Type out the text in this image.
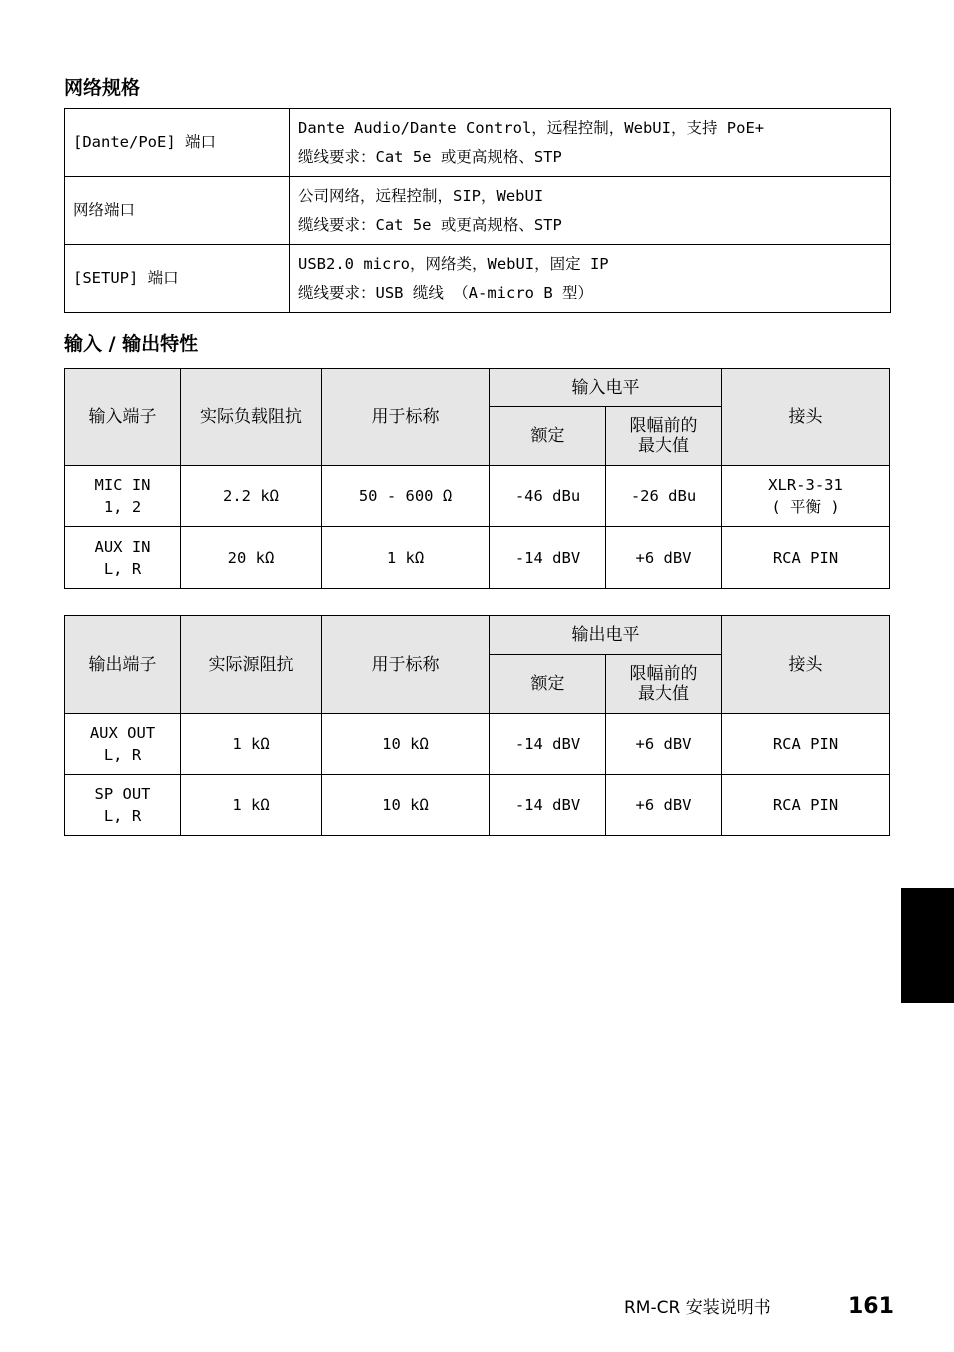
网络规格
[Dante/PoE] 端口	Dante Audio/Dante Control，远程控制，WebUI，支持 PoE+
缆线要求：Cat 5e 或更高规格、STP

网络端口	公司网络，远程控制，SIP，WebUI
缆线要求：Cat 5e 或更高规格、STP

[SETUP] 端口	USB2.0 micro，网络类，WebUI，固定 IP
缆线要求：USB 缆线 （A-micro B 型）
输入 / 输出特性
输入端子	实际负载阻抗	用于标称	输入电平		接头
			额定	限幅前的
最大值	

MIC IN
1, 2	2.2 kΩ	50 - 600 Ω	-46 dBu	-26 dBu	XLR-3-31
( 平衡 )

AUX IN
L, R	20 kΩ	1 kΩ	-14 dBV	+6 dBV	RCA PIN
输出端子	实际源阻抗	用于标称	输出电平		接头
			额定	限幅前的
最大值	

AUX OUT
L, R	1 kΩ	10 kΩ	-14 dBV	+6 dBV	RCA PIN

SP OUT
L, R	1 kΩ	10 kΩ	-14 dBV	+6 dBV	RCA PIN
RM-CR 安装说明书	161
